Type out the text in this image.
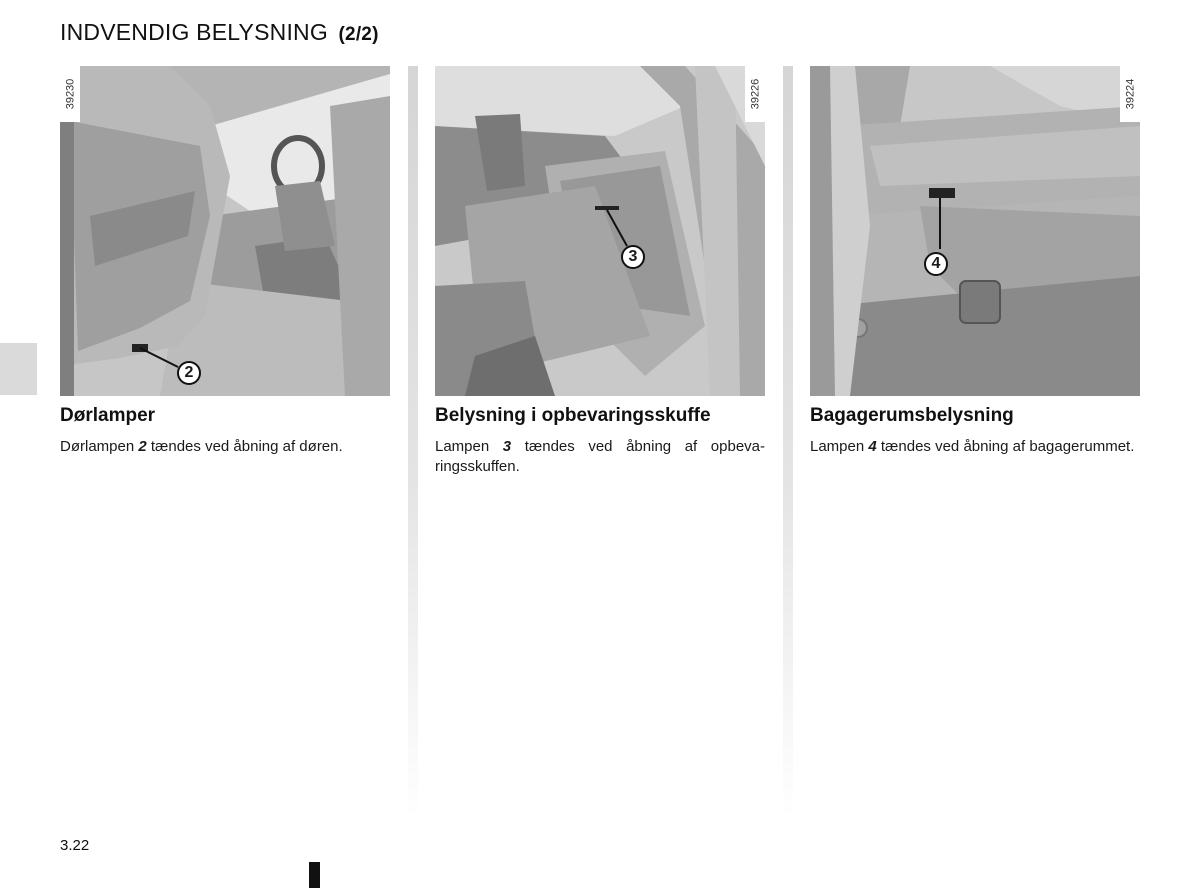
INDVENDIG BELYSNING (2/2)
39230
2
Dørlamper

Dørlampen 2 tændes ved åbning af døren.

39226
3
Belysning i opbevaringsskuffe

Lampen 3 tændes ved åbning af opbevaringsskuffen.

39224
4
Bagagerumsbelysning

Lampen 4 tændes ved åbning af bagagerummet.

3.22
